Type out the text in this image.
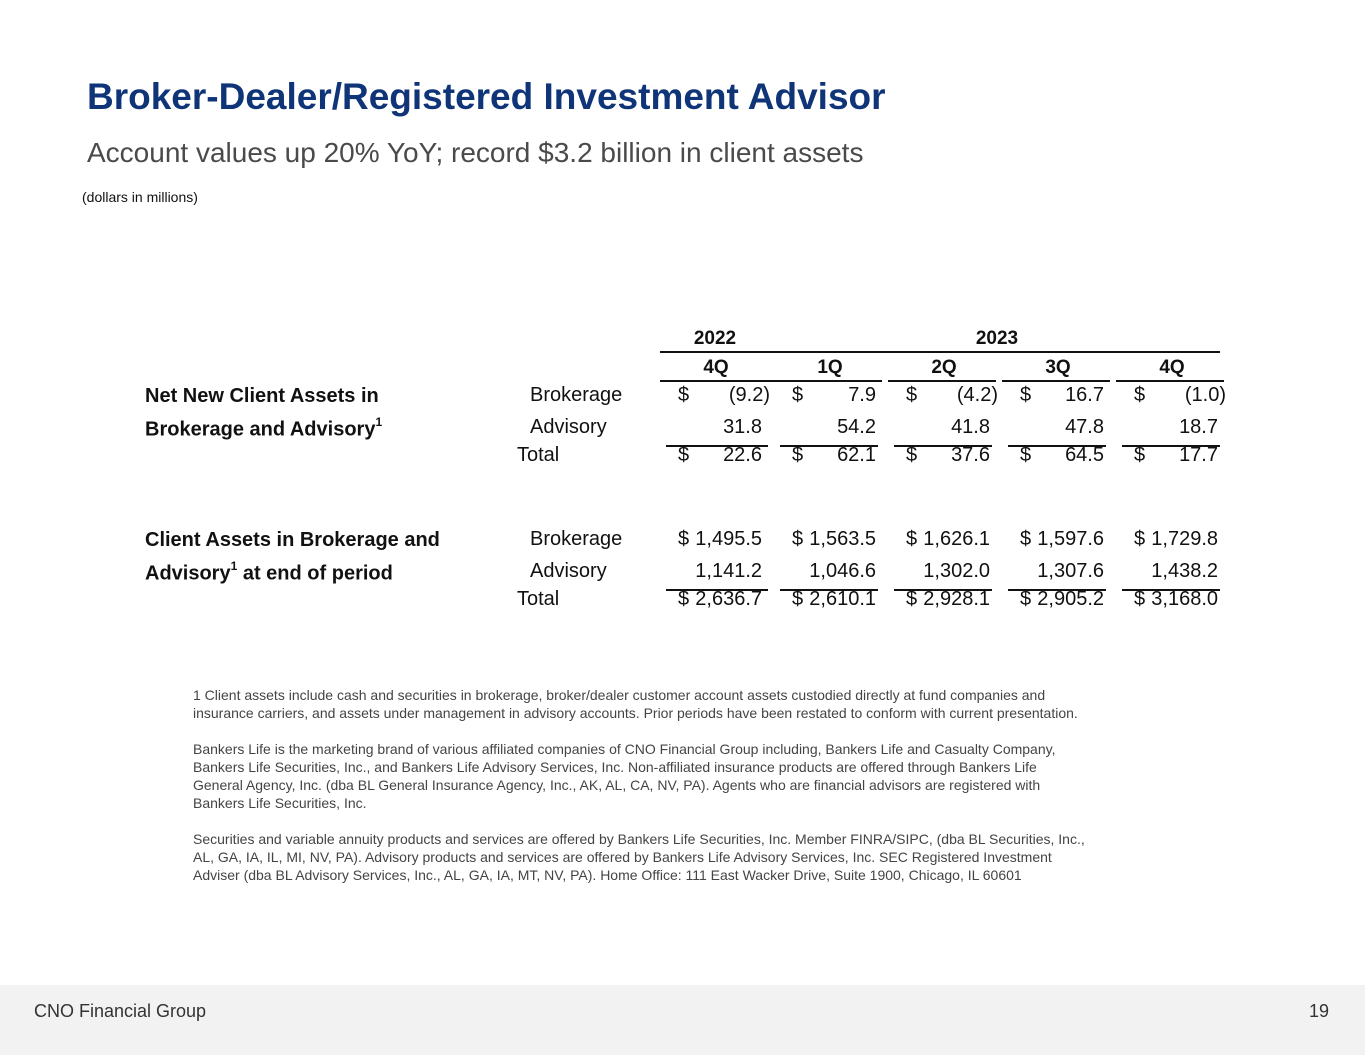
Broker-Dealer/Registered Investment Advisor
Account values up 20% YoY; record $3.2 billion in client assets
(dollars in millions)
2022	2023
4Q	1Q	2Q	3Q	4Q
Net New Client Assets in
Brokerage and Advisory$^1$
Brokerage	$	(9.2) $	7.9 $	(4.2) $	16.7 $	(1.0)
Advisory	31.8	54.2	41.8	47.8	18.7
Total	$	22.6 $	62.1 $	37.6 $	64.5 $	17.7
Client Assets in Brokerage and
Advisory$^1$ at end of period
Brokerage	$ 1,495.5 $ 1,563.5 $ 1,626.1 $ 1,597.6 $ 1,729.8
Advisory	1,141.2	1,046.6	1,302.0	1,307.6	1,438.2
Total	$ 2,636.7 $ 2,610.1 $ 2,928.1 $ 2,905.2 $ 3,168.0

1 Client assets include cash and securities in brokerage, broker/dealer customer account assets custodied directly at fund companies and
insurance carriers, and assets under management in advisory accounts. Prior periods have been restated to conform with current presentation.

Bankers Life is the marketing brand of various affiliated companies of CNO Financial Group including, Bankers Life and Casualty Company,
Bankers Life Securities, Inc., and Bankers Life Advisory Services, Inc. Non-affiliated insurance products are offered through Bankers Life
General Agency, Inc. (dba BL General Insurance Agency, Inc., AK, AL, CA, NV, PA). Agents who are financial advisors are registered with
Bankers Life Securities, Inc.

Securities and variable annuity products and services are offered by Bankers Life Securities, Inc. Member FINRA/SIPC, (dba BL Securities, Inc.,
AL, GA, IA, IL, MI, NV, PA). Advisory products and services are offered by Bankers Life Advisory Services, Inc. SEC Registered Investment
Adviser (dba BL Advisory Services, Inc., AL, GA, IA, MT, NV, PA). Home Office: 111 East Wacker Drive, Suite 1900, Chicago, IL 60601

CNO Financial Group	19
